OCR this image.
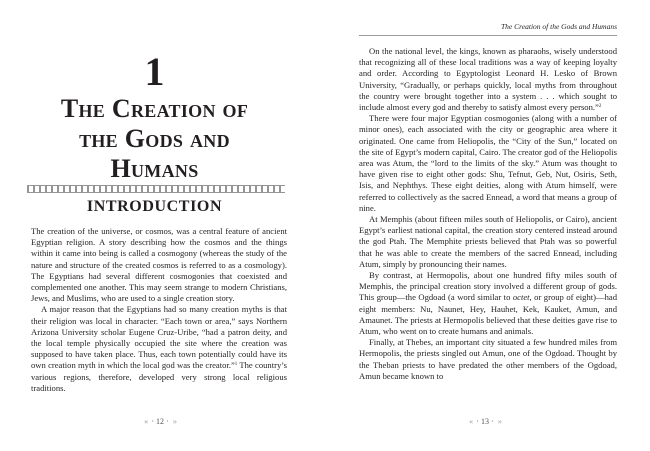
1
The Creation of
the Gods and
Humans
INTRODUCTION

The creation of the universe, or cosmos, was a central feature of ancient Egyptian religion. A story describing how the cosmos and the things within it came into being is called a cosmogony (whereas the study of the nature and structure of the created cosmos is referred to as a cosmology). The Egyptians had several different cosmogonies that coexisted and complemented one another. This may seem strange to modern Christians, Jews, and Muslims, who are used to a single creation story.

A major reason that the Egyptians had so many creation myths is that their religion was local in character. “Each town or area,” says Northern Arizona University scholar Eugene Cruz-Uribe, “had a patron deity, and the local temple physically occupied the site where the creation was supposed to have taken place. Thus, each town potentially could have its own creation myth in which the local god was the creator.”$^1$ The country’s various regions, therefore, developed very strong local religious traditions.

‹‹  · 12 ·  ››
The Creation of the Gods and Humans

On the national level, the kings, known as pharaohs, wisely understood that recognizing all of these local traditions was a way of keeping loyalty and order. According to Egyptologist Leonard H. Lesko of Brown University, “Gradually, or perhaps quickly, local myths from throughout the country were brought together into a system . . . which sought to include almost every god and thereby to satisfy almost every person.”$^2$

There were four major Egyptian cosmogonies (along with a number of minor ones), each associated with the city or geographic area where it originated. One came from Heliopolis, the “City of the Sun,” located on the site of Egypt’s modern capital, Cairo. The creator god of the Heliopolis area was Atum, the “lord to the limits of the sky.” Atum was thought to have given rise to eight other gods: Shu, Tefnut, Geb, Nut, Osiris, Seth, Isis, and Nephthys. These eight deities, along with Atum himself, were referred to collectively as the sacred Ennead, a word that means a group of nine.

At Memphis (about fifteen miles south of Heliopolis, or Cairo), ancient Egypt’s earliest national capital, the creation story centered instead around the god Ptah. The Memphite priests believed that Ptah was so powerful that he was able to create the members of the sacred Ennead, including Atum, simply by pronouncing their names.

By contrast, at Hermopolis, about one hundred fifty miles south of Memphis, the principal creation story involved a different group of gods. This group—the Ogdoad (a word similar to octet, or group of eight)—had eight members: Nu, Naunet, Hey, Hauhet, Kek, Kauket, Amun, and Amaunet. The priests at Hermopolis believed that these deities gave rise to Atum, who went on to create humans and animals.

Finally, at Thebes, an important city situated a few hundred miles from Hermopolis, the priests singled out Amun, one of the Ogdoad. Thought by the Theban priests to have predated the other members of the Ogdoad, Amun became known to

‹‹  · 13 ·  ››
